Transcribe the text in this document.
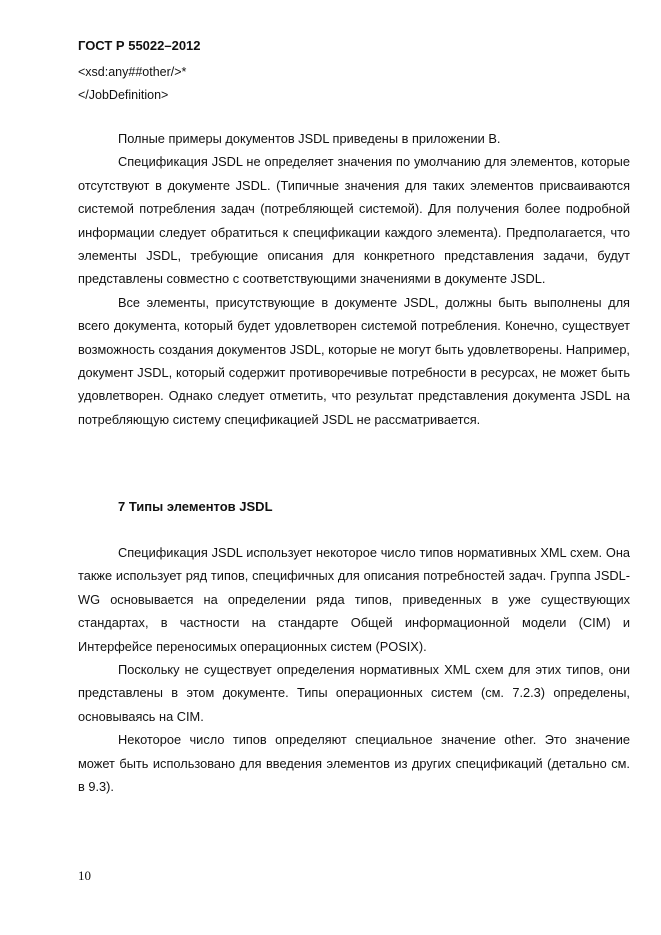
ГОСТ Р 55022–2012
<xsd:any##other/>*
</JobDefinition>

Полные примеры документов JSDL приведены в приложении В.

Спецификация JSDL не определяет значения по умолчанию для элементов, которые отсутствуют в документе JSDL. (Типичные значения для таких элементов присваиваются системой потребления задач (потребляющей системой). Для получения более подробной информации следует обратиться к спецификации каждого элемента). Предполагается, что элементы JSDL, требующие описания для конкретного представления задачи, будут представлены совместно с соответствующими значениями в документе JSDL.

Все элементы, присутствующие в документе JSDL, должны быть выполнены для всего документа, который будет удовлетворен системой потребления. Конечно, существует возможность создания документов JSDL, которые не могут быть удовлетворены. Например, документ JSDL, который содержит противоречивые потребности в ресурсах, не может быть удовлетворен. Однако следует отметить, что результат представления документа JSDL на потребляющую систему спецификацией JSDL не рассматривается.

7 Типы элементов JSDL

Спецификация JSDL использует некоторое число типов нормативных XML схем. Она также использует ряд типов, специфичных для описания потребностей задач. Группа JSDL-WG основывается на определении ряда типов, приведенных в уже существующих стандартах, в частности на стандарте Общей информационной модели (CIM) и Интерфейсе переносимых операционных систем (POSIX).

Поскольку не существует определения нормативных XML схем для этих типов, они представлены в этом документе. Типы операционных систем (см. 7.2.3) определены, основываясь на CIM.

Некоторое число типов определяют специальное значение other. Это значение может быть использовано для введения элементов из других спецификаций (детально см. в 9.3).

10
